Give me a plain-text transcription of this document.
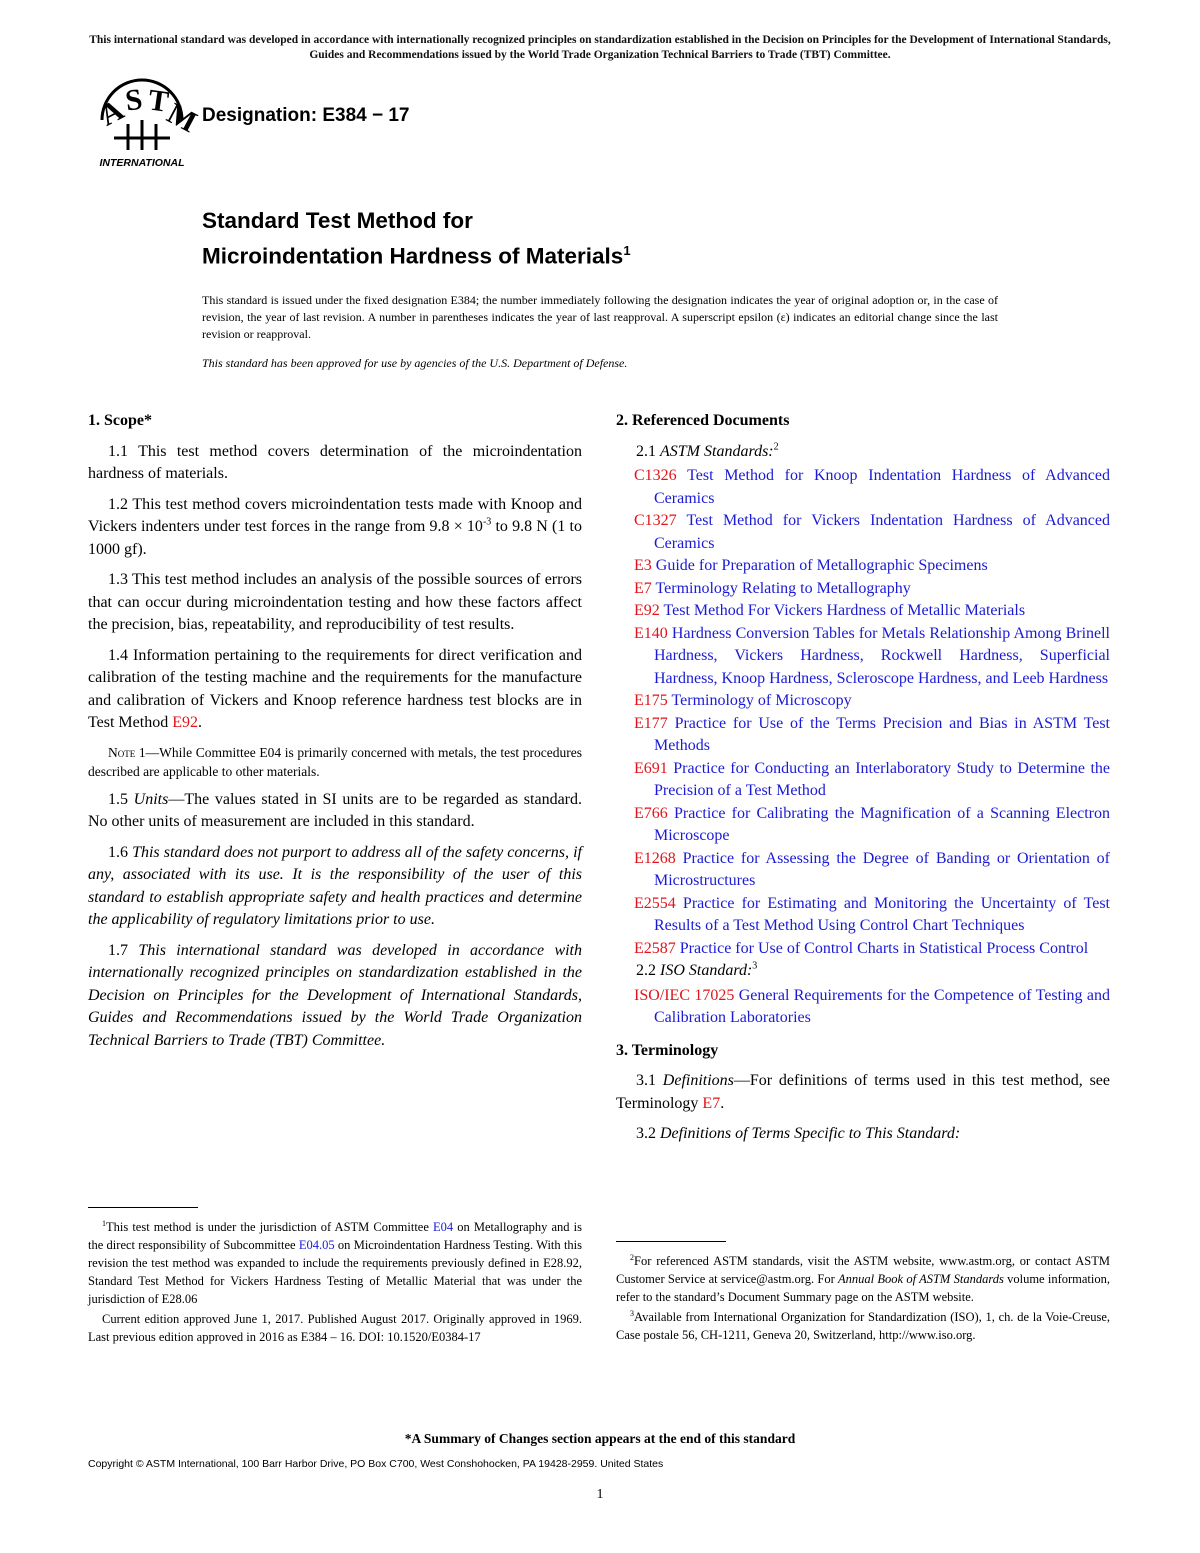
This international standard was developed in accordance with internationally recognized principles on standardization established in the Decision on Principles for the Development of International Standards, Guides and Recommendations issued by the World Trade Organization Technical Barriers to Trade (TBT) Committee.
A
S T
M
INTERNATIONAL
Designation: E384 − 17
Standard Test Method for
Microindentation Hardness of Materials$^1$
This standard is issued under the fixed designation E384; the number immediately following the designation indicates the year of original adoption or, in the case of revision, the year of last revision. A number in parentheses indicates the year of last reapproval. A superscript epsilon (ε) indicates an editorial change since the last revision or reapproval.
This standard has been approved for use by agencies of the U.S. Department of Defense.
1. Scope*

1.1 This test method covers determination of the microindentation hardness of materials.

1.2 This test method covers microindentation tests made with Knoop and Vickers indenters under test forces in the range from $9.8 \times 10^{-3}$ to 9.8 N (1 to 1000 gf).

1.3 This test method includes an analysis of the possible sources of errors that can occur during microindentation testing and how these factors affect the precision, bias, repeatability, and reproducibility of test results.

1.4 Information pertaining to the requirements for direct verification and calibration of the testing machine and the requirements for the manufacture and calibration of Vickers and Knoop reference hardness test blocks are in Test Method E92.

Note 1—While Committee E04 is primarily concerned with metals, the test procedures described are applicable to other materials.

1.5 Units—The values stated in SI units are to be regarded as standard. No other units of measurement are included in this standard.

1.6 This standard does not purport to address all of the safety concerns, if any, associated with its use. It is the responsibility of the user of this standard to establish appropriate safety and health practices and determine the applicability of regulatory limitations prior to use.

1.7 This international standard was developed in accordance with internationally recognized principles on standardization established in the Decision on Principles for the Development of International Standards, Guides and Recommendations issued by the World Trade Organization Technical Barriers to Trade (TBT) Committee.

2. Referenced Documents

2.1 ASTM Standards:$^2$

C1326 Test Method for Knoop Indentation Hardness of Advanced Ceramics

C1327 Test Method for Vickers Indentation Hardness of Advanced Ceramics

E3 Guide for Preparation of Metallographic Specimens

E7 Terminology Relating to Metallography

E92 Test Method For Vickers Hardness of Metallic Materials

E140 Hardness Conversion Tables for Metals Relationship Among Brinell Hardness, Vickers Hardness, Rockwell Hardness, Superficial Hardness, Knoop Hardness, Scleroscope Hardness, and Leeb Hardness

E175 Terminology of Microscopy

E177 Practice for Use of the Terms Precision and Bias in ASTM Test Methods

E691 Practice for Conducting an Interlaboratory Study to Determine the Precision of a Test Method

E766 Practice for Calibrating the Magnification of a Scanning Electron Microscope

E1268 Practice for Assessing the Degree of Banding or Orientation of Microstructures

E2554 Practice for Estimating and Monitoring the Uncertainty of Test Results of a Test Method Using Control Chart Techniques

E2587 Practice for Use of Control Charts in Statistical Process Control

2.2 ISO Standard:$^3$

ISO/IEC 17025 General Requirements for the Competence of Testing and Calibration Laboratories

3. Terminology

3.1 Definitions—For definitions of terms used in this test method, see Terminology E7.

3.2 Definitions of Terms Specific to This Standard:

$^1$This test method is under the jurisdiction of ASTM Committee E04 on Metallography and is the direct responsibility of Subcommittee E04.05 on Microindentation Hardness Testing. With this revision the test method was expanded to include the requirements previously defined in E28.92, Standard Test Method for Vickers Hardness Testing of Metallic Material that was under the jurisdiction of E28.06

Current edition approved June 1, 2017. Published August 2017. Originally approved in 1969. Last previous edition approved in 2016 as E384 – 16. DOI: 10.1520/E0384-17

$^2$For referenced ASTM standards, visit the ASTM website, www.astm.org, or contact ASTM Customer Service at service@astm.org. For Annual Book of ASTM Standards volume information, refer to the standard’s Document Summary page on the ASTM website.

$^3$Available from International Organization for Standardization (ISO), 1, ch. de la Voie-Creuse, Case postale 56, CH-1211, Geneva 20, Switzerland, http://www.iso.org.

*A Summary of Changes section appears at the end of this standard
Copyright © ASTM International, 100 Barr Harbor Drive, PO Box C700, West Conshohocken, PA 19428-2959. United States
1
